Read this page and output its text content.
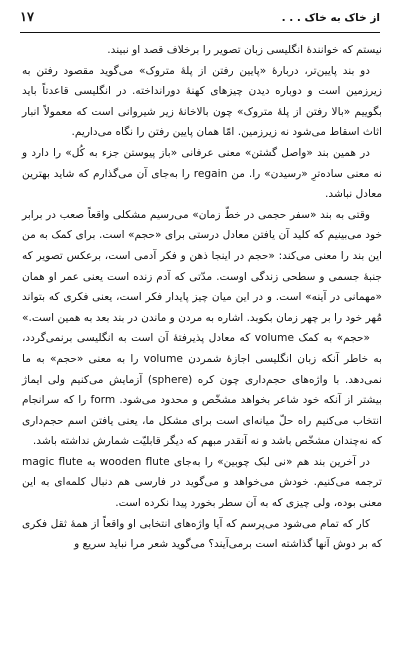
۱۷	از خاک به خاک . . .

نیستم که خواننده‌ٔ انگلیسی زبان تصویر را برخلاف قصد او نبیند.

دو بند پایین‌تر، درباره‌ٔ «پایین رفتن از پلهٔ متروک» می‌گوید مقصود رفتن به زیرزمین است و دوباره دیدن چیزهای کهنهٔ دورانداخته. در انگلیسی قاعدتاً باید بگوییم «بالا رفتن از پلهٔ متروک» چون بالاخانهٔ زیر شیروانی است که معمولاً انبار اثاث اسقاط می‌شود نه زیرزمین. امّا همان پایین رفتن را نگاه می‌داریم.

در همین بند «واصل گشتن» معنی عرفانی «باز پیوستن جزء به کُل» را دارد و نه معنی ساده‌ترِ «رسیدن» را. من regain را به‌جای آن می‌گذارم که شاید بهترین معادل نباشد.

وقتی به بند «سفر حجمی در خطّ زمان» می‌رسیم مشکلی واقعاً صعب در برابر خود می‌بینیم که کلید آن یافتن معادل درستی برای «حجم» است. برای کمک به من این بند را معنی می‌کند: «حجم در اینجا ذهن و فکر آدمی است، برعکس تصویر که جنبهٔ جسمی و سطحی زندگی اوست. مدّتی که آدم زنده است یعنی عمر او همان «مهمانی در آینه» است. و در این میان چیز پایدار فکر است، یعنی فکری که بتواند مُهر خود را بر چهر زمان بکوبد. اشاره به مردن و ماندن در بند بعد به همین است.»

«حجم» به کمک volume که معادل پذیرفتهٔ آن است به انگلیسی برنمی‌گردد، به خاطر آنکه زبان انگلیسی اجازهٔ شمردن volume را به معنی «حجم» به ما نمی‌دهد. با واژه‌های حجم‌داری چون کره (sphere) آزمایش می‌کنیم ولی ایماژ بیشتر از آنکه خود شاعر بخواهد مشخّص و محدود می‌شود. form را که سرانجام انتخاب می‌کنیم راه حلّ میانه‌ای است برای مشکل ما، یعنی یافتن اسم حجم‌داری که نه‌چندان مشخّص باشد و نه آنقدر مبهم که دیگر قابلیّت شمارش نداشته باشد.

در آخرین بند هم «نی لبک چوبین» را به‌جای wooden flute به magic flute ترجمه می‌کنیم. خودش می‌خواهد و می‌گوید در فارسی هم دنبال کلمه‌ای به این معنی بوده، ولی چیزی که به آن سطر بخورد پیدا نکرده است.

کار که تمام می‌شود می‌پرسم که آیا واژه‌های انتخابی او واقعاً از همهٔ ثقل فکری که بر دوش آنها گذاشته است برمی‌آیند؟ می‌گوید شعر مرا نباید سریع و
